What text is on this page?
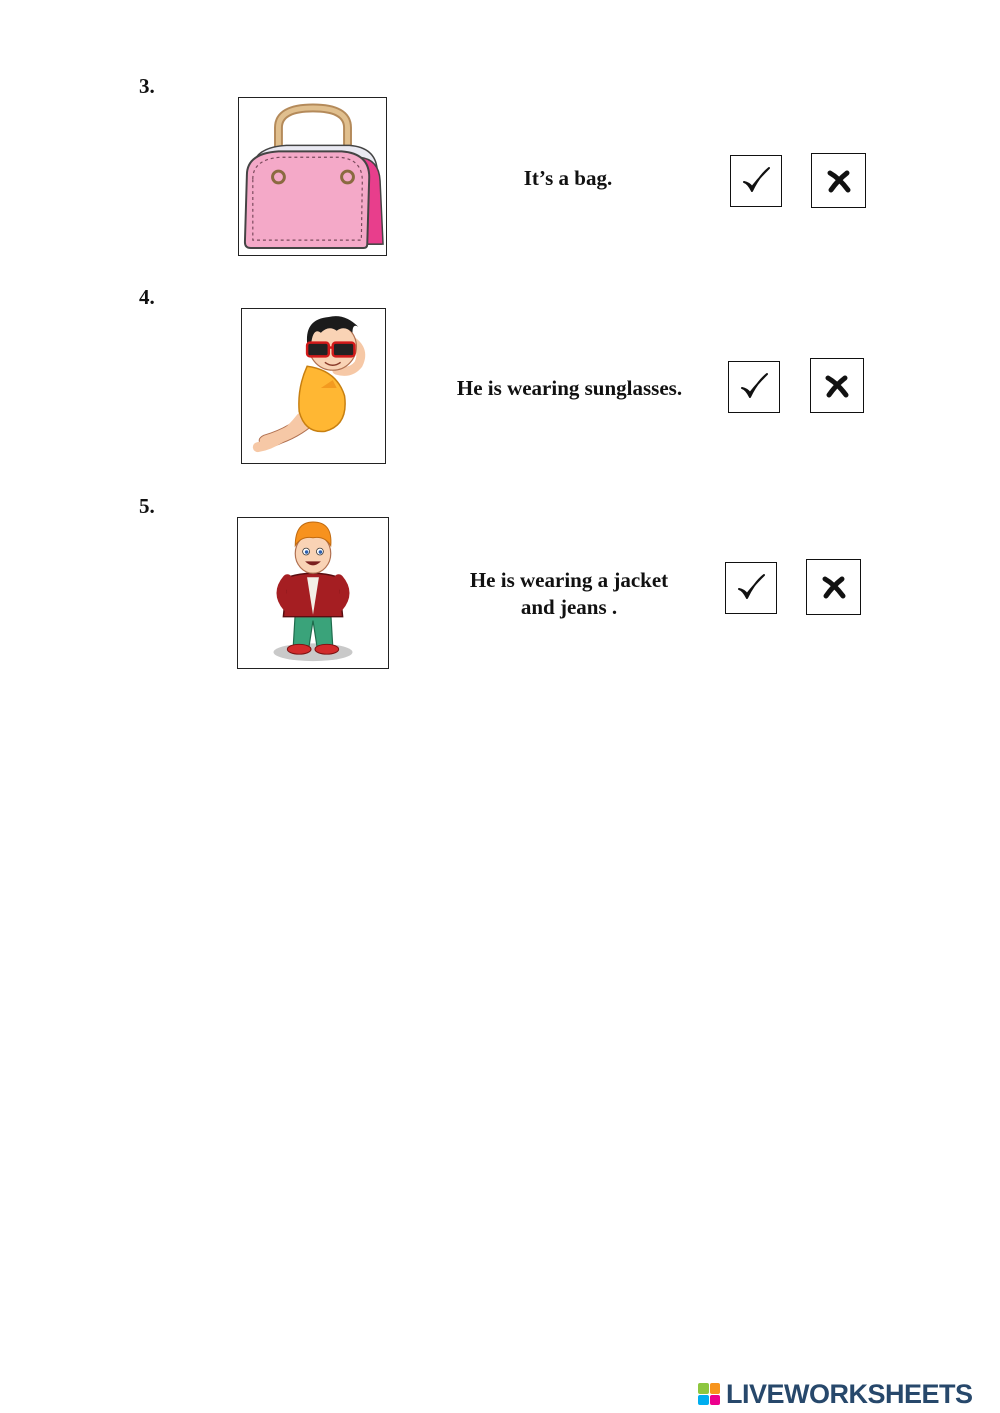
3.
It’s a bag.
4.
He is wearing sunglasses.
5.
He is wearing a jacket
and jeans .
LIVEWORKSHEETS
